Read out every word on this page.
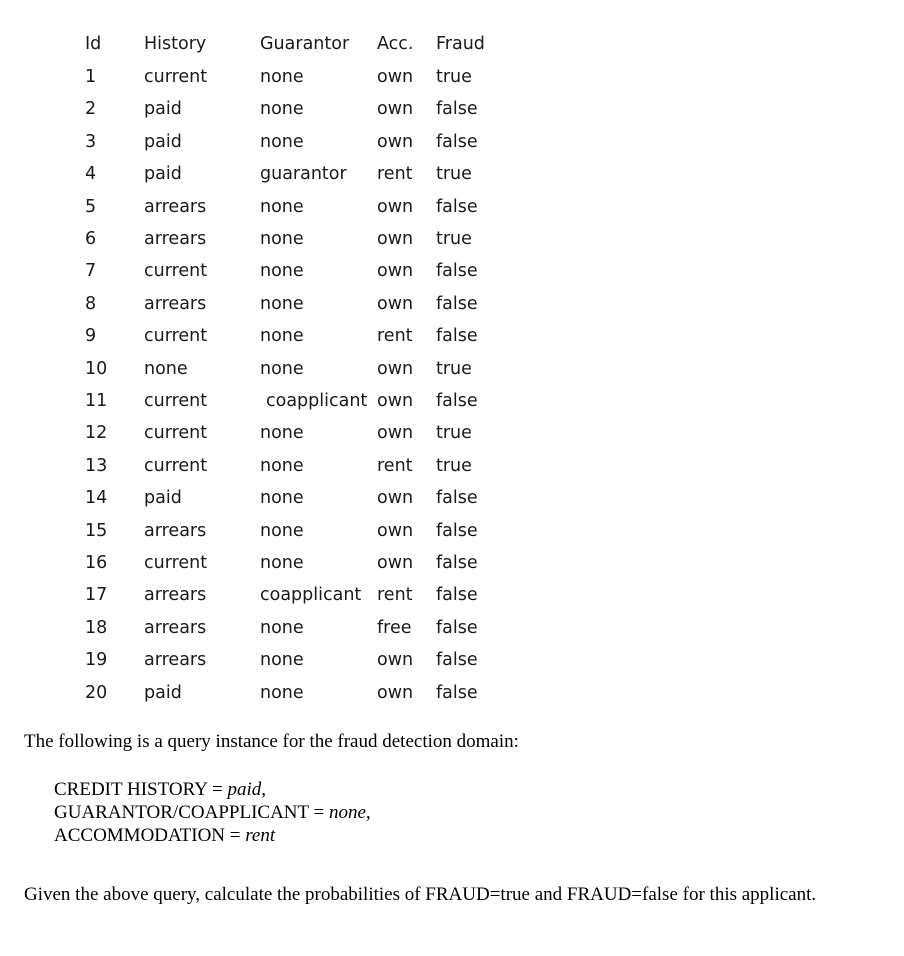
Id History	Guarantor Acc. Fraud
1	current	none	own true
2	paid	none	own false
3	paid	none	own false
4	paid	guarantor rent true
5	arrears	none	own false
6	arrears	none	own true
7	current	none	own false
8	arrears	none	own false
9	current	none	rent false
10 none	none	own true
11 current	coapplicant own false
12 current	none	own true
13 current	none	rent true
14 paid	none	own false
15 arrears	none	own false
16 current	none	own false
17 arrears	coapplicant rent false
18 arrears	none	free false
19 arrears	none	own false
20 paid	none	own false
The following is a query instance for the fraud detection domain:
CREDIT HISTORY = paid,
GUARANTOR/COAPPLICANT = none,
ACCOMMODATION = rent
Given the above query, calculate the probabilities of FRAUD=true and FRAUD=false for this applicant.
